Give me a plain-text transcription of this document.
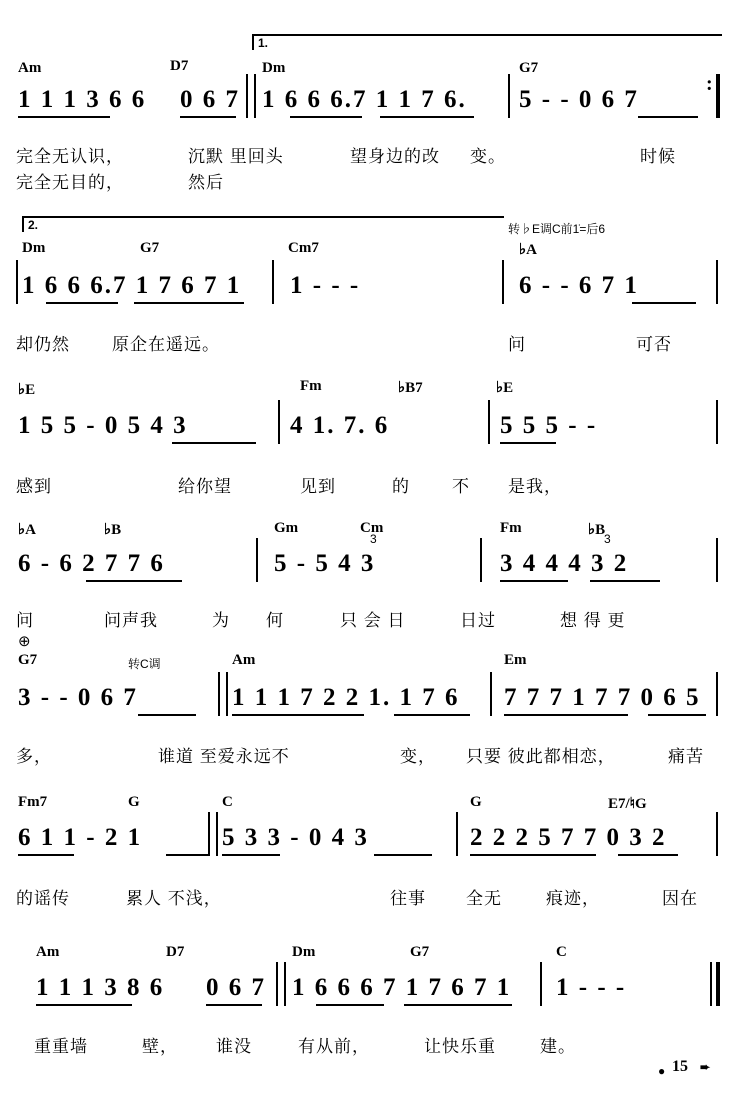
1.
Am	D7	Dm	G7
1 1 1 3 6 6 0 6 7 1 6 6 6.7 1 1 7 6. 5 - - 0 6 7
:
完全无认识，	沉默 里回头	望身边的改 变。	时候
完全无目的，	然后
2.	转♭E调C前1̇=后6
Dm	G7	Cm7	♭A
1 6 6 6.7 1 7 6 7 1 1 - - -	6 - - 6 7 1
却仍然 原企在遥远。	问	可否
♭E	Fm	♭B7	♭E
1 5 5 - 0 5 4 3	4 1. 7. 6	5 5 5 - -
感到	给你望	见到	的 不 是我，
♭A	♭B	Gm	Cm	Fm	♭B
6 - 6 2 7 7 6	5 - 5 4 3	3 4 4 4 3 2
3	3
问	问声我	为 何	只 会 日	日过	想 得 更
⊕
G7	转C调	Am	Em
3 - - 0 6 7	1 1 1 7 2 2 1. 1 7 6 7 7 7 1 7 7 0 6 5
多，	谁道 至爱永远不	变， 只要 彼此都相恋，	痛苦
Fm7	G	C	G	E7/♮G
6 1 1 - 2 1	5 3 3 - 0 4 3	2 2 2 5 7 7 0 3 2
的谣传	累人 不浅，	往事 全无	痕迹，	因在
Am	D7	Dm	G7	C
1 1 1 3 8 6 0 6 7 1 6 6 6 7 1 7 6 7 1 1 - - -
重重墙	壁， 谁没	有从前，	让快乐重	建。
● 15 ➨
